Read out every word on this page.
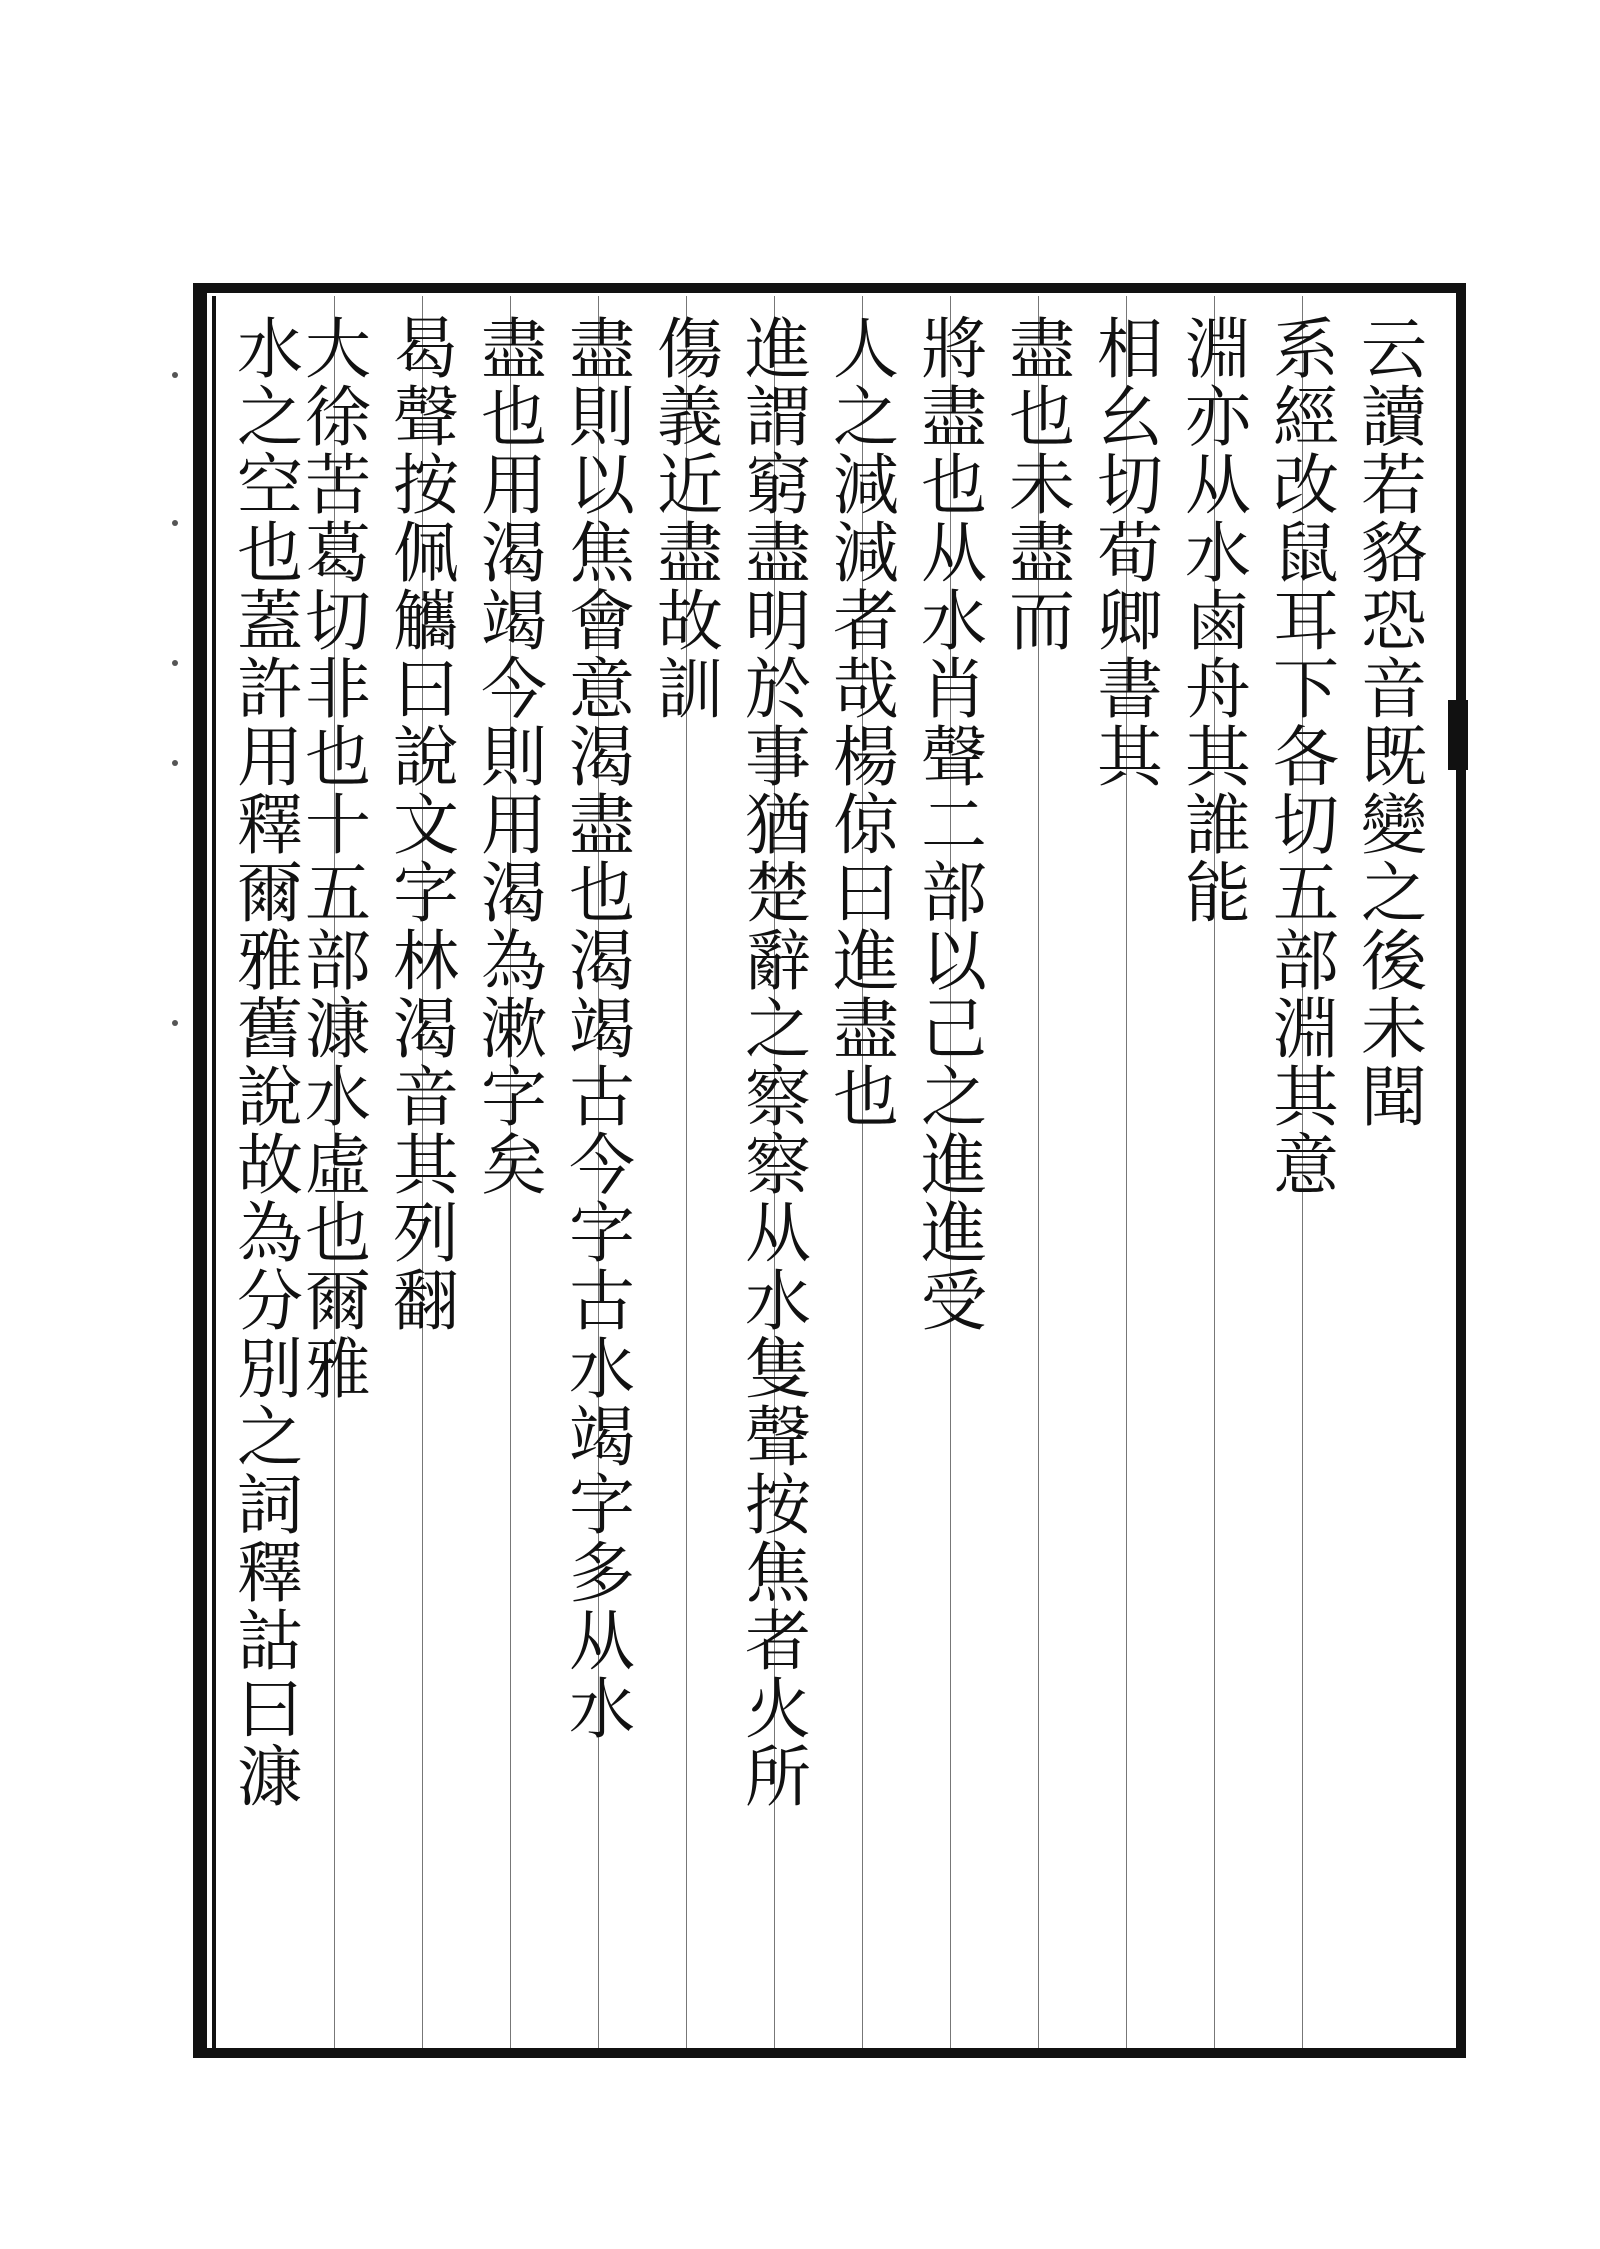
云
讀
若
貉
恐
音
既
變
之
後
未
聞
系
經
改
鼠
耳
下
各
切
五
部
淵
其
意
淵
亦
从
水
鹵
舟
其
誰
能
相
幺
切
荀
卿
書
其
盡
也
未
盡
而
將
盡
也
从
水
肖
聲
二
部
以
己
之
進
進
受
人
之
減
減
者
哉
楊
倞
曰
進
盡
也
進
謂
窮
盡
明
於
事
猶
楚
辭
之
察
察
从
水
隻
聲
按
焦
者
火
所
傷
義
近
盡
故
訓
盡
則
以
焦
會
意
渴
盡
也
渴
竭
古
今
字
古
水
竭
字
多
从
水
盡
也
用
渴
竭
今
則
用
渴
為
漱
字
矣
曷
聲
按
佩
觿
曰
說
文
字
林
渴
音
其
列
翻
大
徐
苦
葛
切
非
也
十
五
部
漮
水
虛
也
爾
雅
水
之
空
也
蓋
許
用
釋
爾
雅
舊
說
故
為
分
別
之
詞
釋
詁
曰
漮
